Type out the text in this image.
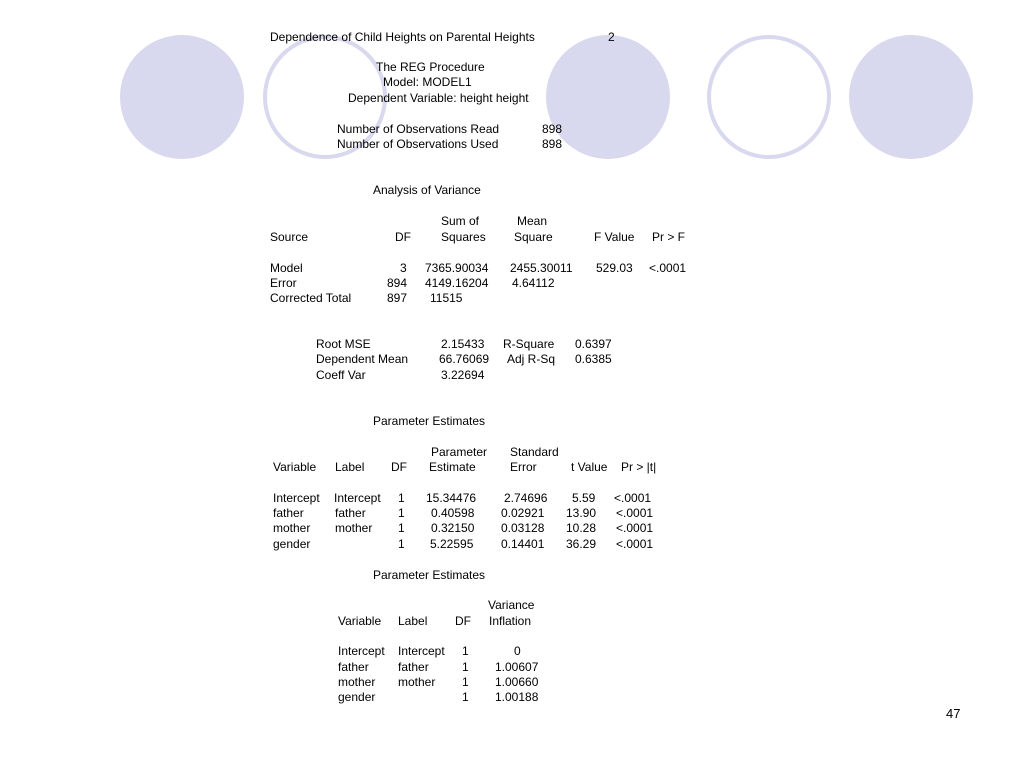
Dependence of Child Heights on Parental Heights	2
The REG Procedure
Model: MODEL1
Dependent Variable: height height
Number of Observations Read	898
Number of Observations Used	898
Analysis of Variance
Sum of	Mean
Source	DF	Squares Square	F Value Pr > F
Model	3 7365.90034 2455.30011 529.03 <.0001
Error	894 4149.16204 4.64112
Corrected Total	897 11515
Root MSE	2.15433 R-Square 0.6397
Dependent Mean	66.76069 Adj R-Sq 0.6385
Coeff Var	3.22694
Parameter Estimates
Parameter Standard
Variable Label DF Estimate	Error	t Value Pr > |t|
Intercept Intercept 1 15.34476 2.74696 5.59 <.0001
father	father	1 0.40598 0.02921 13.90 <.0001
mother mother 1 0.32150 0.03128 10.28 <.0001
gender	1 5.22595 0.14401 36.29 <.0001
Parameter Estimates
Variance
Variable Label DF Inflation
Intercept Intercept 1	0
father father	1 1.00607
mother mother 1 1.00660
gender	1 1.00188
47
